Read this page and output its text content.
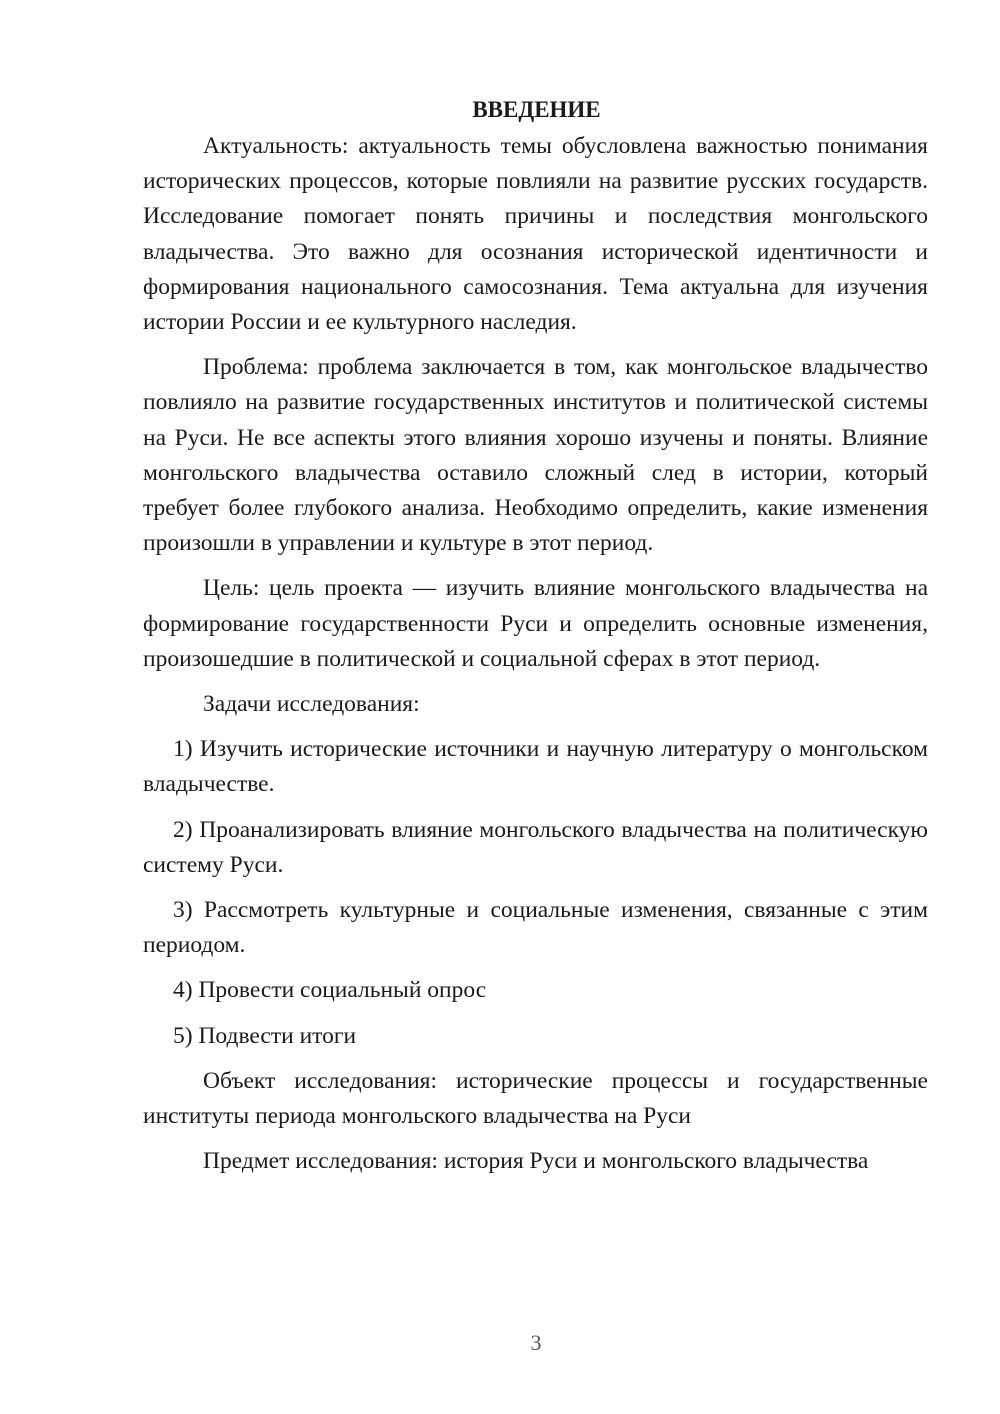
ВВЕДЕНИЕ

Актуальность: актуальность темы обусловлена важностью понимания исторических процессов, которые повлияли на развитие русских государств. Исследование помогает понять причины и последствия монгольского владычества. Это важно для осознания исторической идентичности и формирования национального самосознания. Тема актуальна для изучения истории России и ее культурного наследия.

Проблема: проблема заключается в том, как монгольское владычество повлияло на развитие государственных институтов и политической системы на Руси. Не все аспекты этого влияния хорошо изучены и поняты. Влияние монгольского владычества оставило сложный след в истории, который требует более глубокого анализа. Необходимо определить, какие изменения произошли в управлении и культуре в этот период.

Цель: цель проекта — изучить влияние монгольского владычества на формирование государственности Руси и определить основные изменения, произошедшие в политической и социальной сферах в этот период.

Задачи исследования:

1) Изучить исторические источники и научную литературу о монгольском владычестве.

2) Проанализировать влияние монгольского владычества на политическую систему Руси.

3) Рассмотреть культурные и социальные изменения, связанные с этим периодом.

4) Провести социальный опрос

5) Подвести итоги

Объект исследования: исторические процессы и государственные институты периода монгольского владычества на Руси

Предмет исследования: история Руси и монгольского владычества

3
